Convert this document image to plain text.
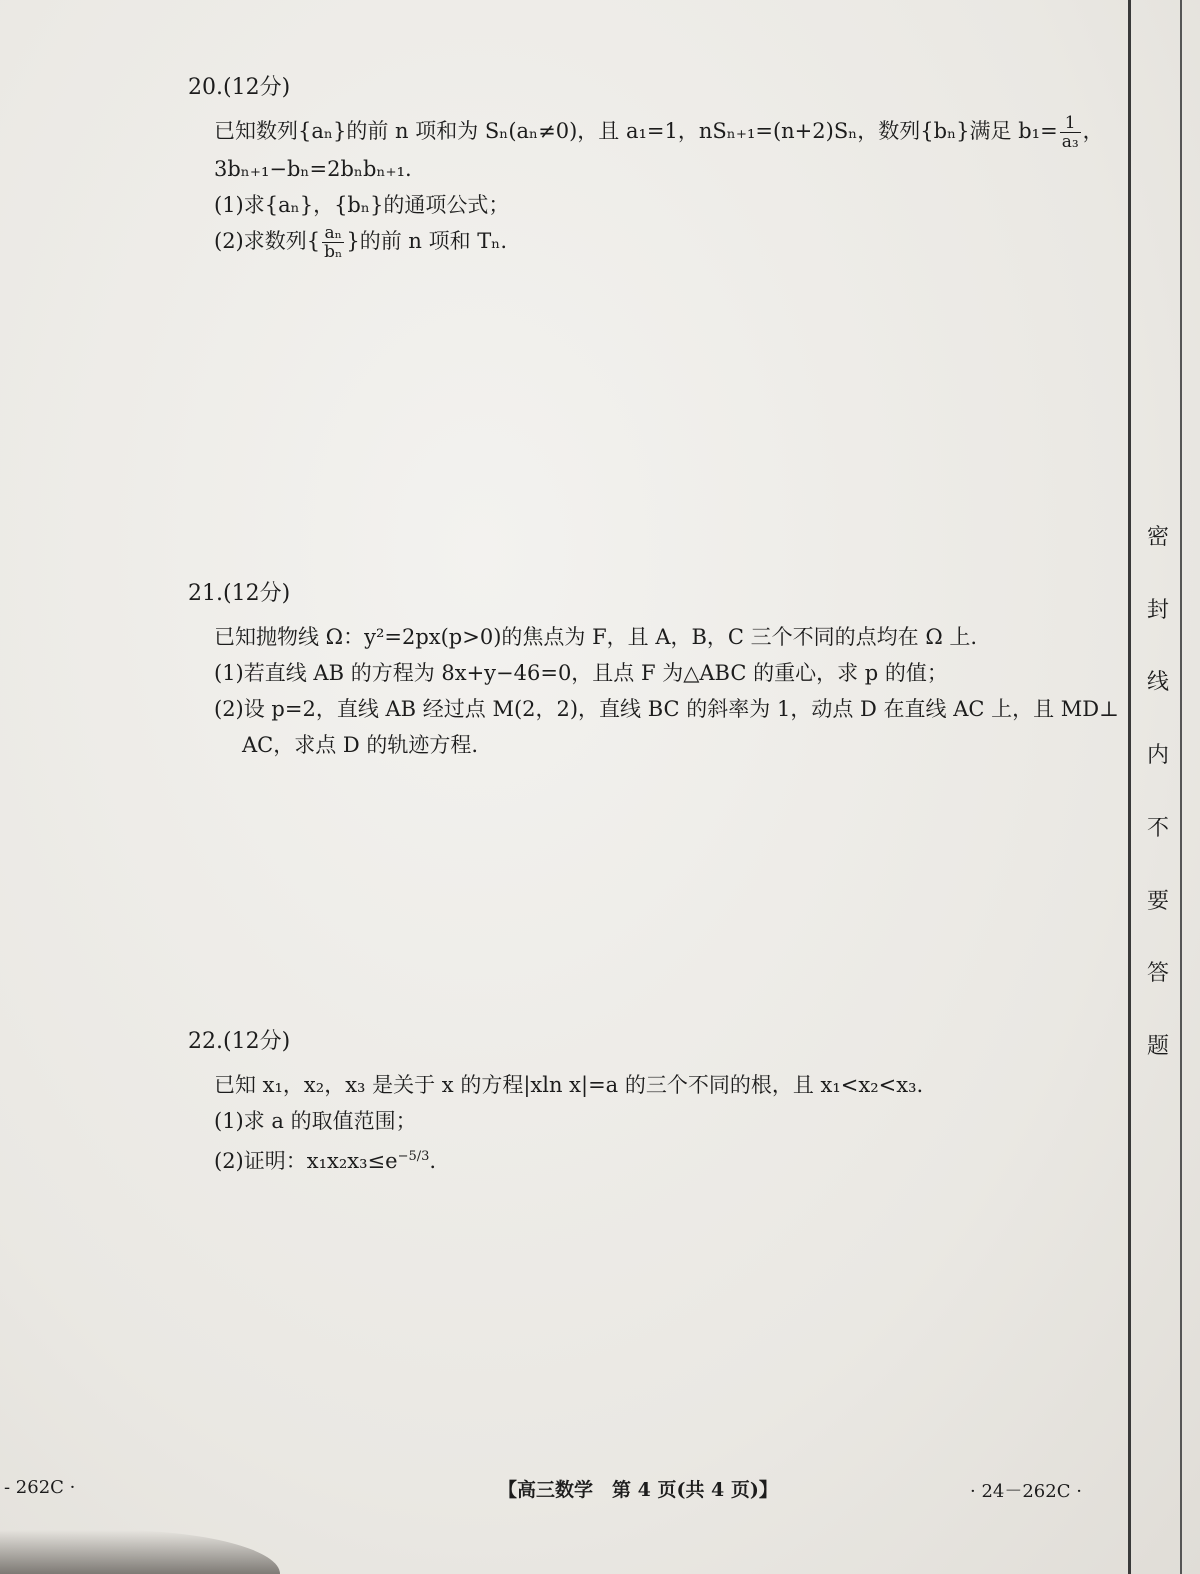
20.(12分)
已知数列{aₙ}的前 n 项和为 Sₙ(aₙ≠0)，且 a₁=1，nSₙ₊₁=(n+2)Sₙ，数列{bₙ}满足 $b_1= \frac{1}{\text{a₃}}$ ，
3bₙ₊₁−bₙ=2bₙbₙ₊₁.
(1)求{aₙ}，{bₙ}的通项公式；
(2)求数列{ $\frac{\text{aₙ}}{\text{bₙ}}$ }的前 n 项和 Tₙ.
21.(12分)
已知抛物线 Ω：y²=2px(p>0)的焦点为 F，且 A，B，C 三个不同的点均在 Ω 上.
(1)若直线 AB 的方程为 8x+y−46=0，且点 F 为△ABC 的重心，求 p 的值；
(2)设 p=2，直线 AB 经过点 M(2，2)，直线 BC 的斜率为 1，动点 D 在直线 AC 上，且 MD⊥
AC，求点 D 的轨迹方程.
22.(12分)
已知 x₁，x₂，x₃ 是关于 x 的方程|xln x|=a 的三个不同的根，且 x₁<x₂<x₃.
(1)求 a 的取值范围；
(2)证明：$x_1x_2x_3\le e^{-5/3}$.
密
封
线
内
不
要
答
题
- 262C ·	【高三数学　第 4 页(共 4 页)】	· 24－262C ·
